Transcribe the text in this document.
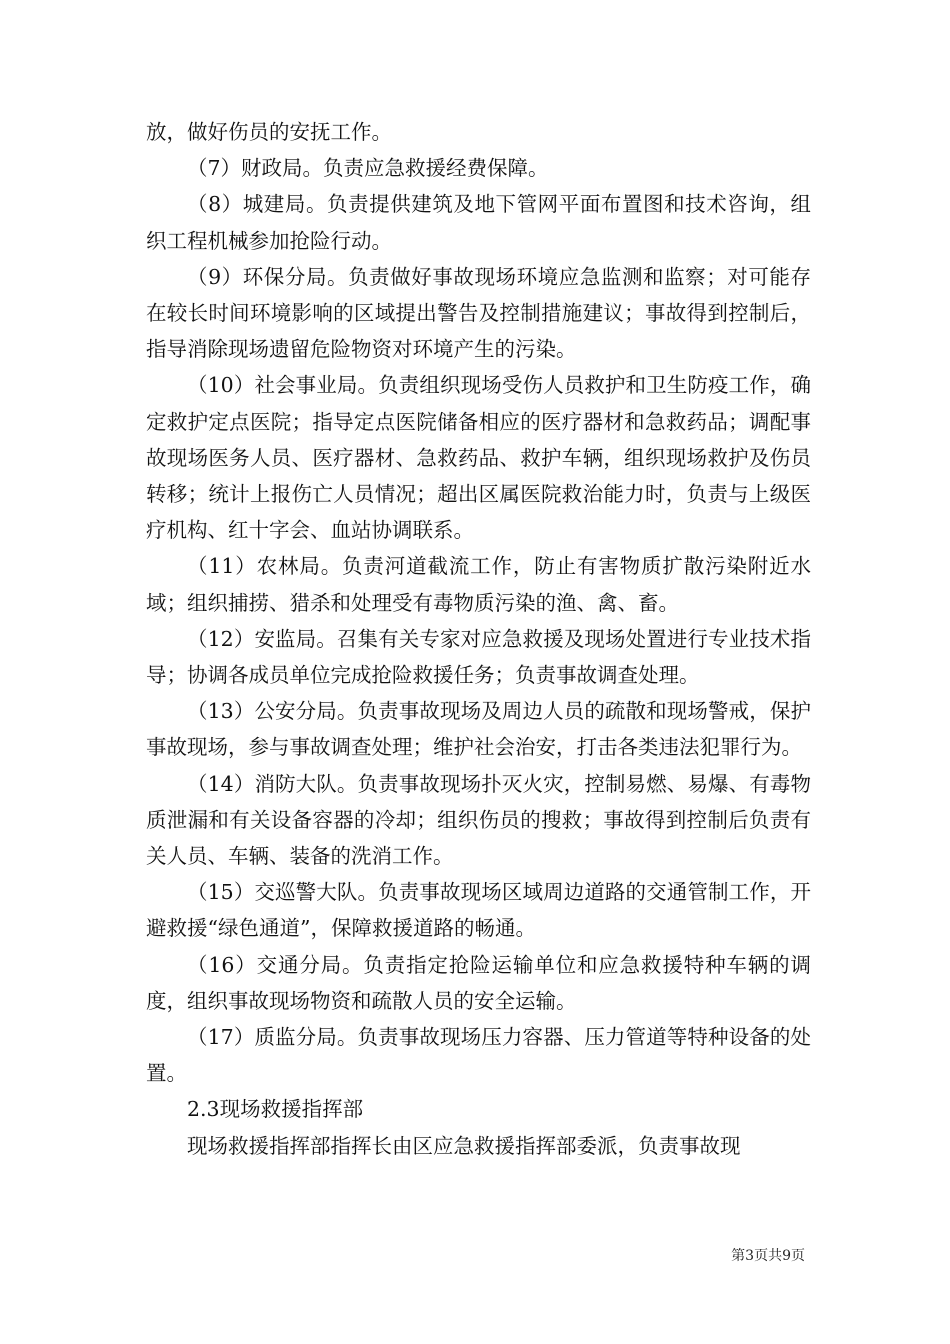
放，做好伤员的安抚工作。

（7）财政局。负责应急救援经费保障。

（8）城建局。负责提供建筑及地下管网平面布置图和技术咨询，组织工程机械参加抢险行动。

（9）环保分局。负责做好事故现场环境应急监测和监察；对可能存在较长时间环境影响的区域提出警告及控制措施建议；事故得到控制后，指导消除现场遗留危险物资对环境产生的污染。

（10）社会事业局。负责组织现场受伤人员救护和卫生防疫工作，确定救护定点医院；指导定点医院储备相应的医疗器材和急救药品；调配事故现场医务人员、医疗器材、急救药品、救护车辆，组织现场救护及伤员转移；统计上报伤亡人员情况；超出区属医院救治能力时，负责与上级医疗机构、红十字会、血站协调联系。

（11）农林局。负责河道截流工作，防止有害物质扩散污染附近水域；组织捕捞、猎杀和处理受有毒物质污染的渔、禽、畜。

（12）安监局。召集有关专家对应急救援及现场处置进行专业技术指导；协调各成员单位完成抢险救援任务；负责事故调查处理。

（13）公安分局。负责事故现场及周边人员的疏散和现场警戒，保护事故现场，参与事故调查处理；维护社会治安，打击各类违法犯罪行为。

（14）消防大队。负责事故现场扑灭火灾，控制易燃、易爆、有毒物质泄漏和有关设备容器的冷却；组织伤员的搜救；事故得到控制后负责有关人员、车辆、装备的洗消工作。

（15）交巡警大队。负责事故现场区域周边道路的交通管制工作，开避救援“绿色通道”，保障救援道路的畅通。

（16）交通分局。负责指定抢险运输单位和应急救援特种车辆的调度，组织事故现场物资和疏散人员的安全运输。

（17）质监分局。负责事故现场压力容器、压力管道等特种设备的处置。

2.3现场救援指挥部

现场救援指挥部指挥长由区应急救援指挥部委派，负责事故现

第3页共9页
